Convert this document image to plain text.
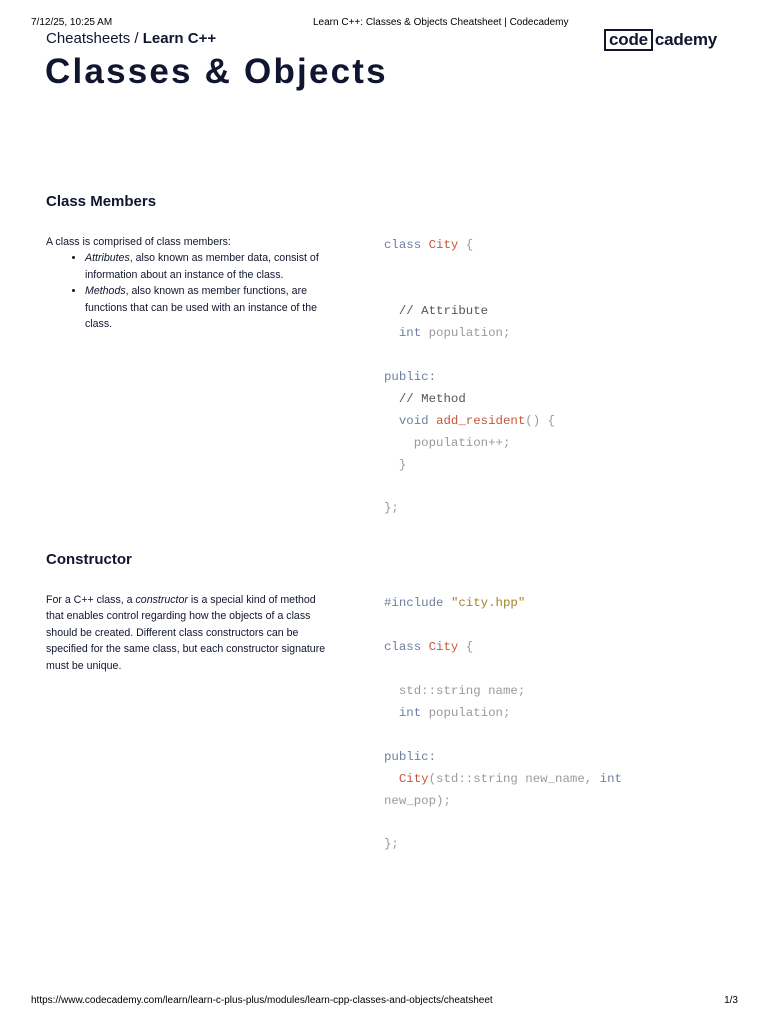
7/12/25, 10:25 AM	Learn C++: Classes & Objects Cheatsheet | Codecademy
Cheatsheets / Learn C++	code cademy
Classes & Objects
Class Members
A class is comprised of class members:
• Attributes, also known as member data, consist of information about an instance of the class.
• Methods, also known as member functions, are functions that can be used with an instance of the class.
class City {

// Attribute
int population;

public:
// Method
void add_resident() {
population++;
}

};
Constructor
For a C++ class, a constructor is a special kind of method that enables control regarding how the objects of a class should be created. Different class constructors can be specified for the same class, but each constructor signature must be unique.
#include "city.hpp"

class City {

std::string name;
int population;

public:
City(std::string new_name, int
new_pop);

};
https://www.codecademy.com/learn/learn-c-plus-plus/modules/learn-cpp-classes-and-objects/cheatsheet	1/3
